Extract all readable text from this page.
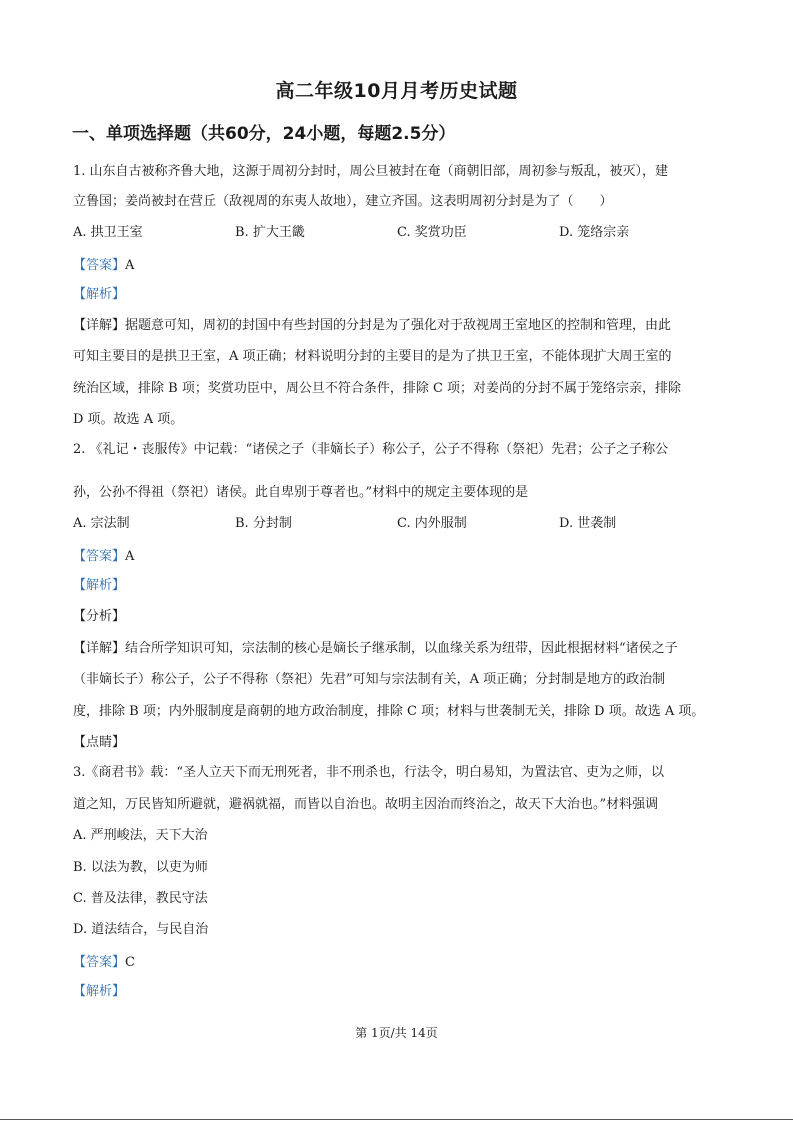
高二年级10月月考历史试题
一、单项选择题（共60分，24小题，每题2.5分）
1. 山东自古被称齐鲁大地，这源于周初分封时，周公旦被封在奄（商朝旧部，周初参与叛乱，被灭），建
立鲁国；姜尚被封在营丘（敌视周的东夷人故地），建立齐国。这表明周初分封是为了（　　）
A. 拱卫王室	B. 扩大王畿	C. 奖赏功臣	D. 笼络宗亲
【答案】A
【解析】
【详解】据题意可知，周初的封国中有些封国的分封是为了强化对于敌视周王室地区的控制和管理，由此
可知主要目的是拱卫王室，A 项正确；材料说明分封的主要目的是为了拱卫王室，不能体现扩大周王室的
统治区域，排除 B 项；奖赏功臣中，周公旦不符合条件，排除 C 项；对姜尚的分封不属于笼络宗亲，排除
D 项。故选 A 项。
2. 《礼记・丧服传》中记载：“诸侯之子（非嫡长子）称公子，公子不得称（祭祀）先君；公子之子称公
孙，公孙不得祖（祭祀）诸侯。此自卑别于尊者也。”材料中的规定主要体现的是
A. 宗法制	B. 分封制	C. 内外服制	D. 世袭制
【答案】A
【解析】
【分析】
【详解】结合所学知识可知，宗法制的核心是嫡长子继承制，以血缘关系为纽带，因此根据材料“诸侯之子
（非嫡长子）称公子，公子不得称（祭祀）先君”可知与宗法制有关，A 项正确；分封制是地方的政治制
度，排除 B 项；内外服制度是商朝的地方政治制度，排除 C 项；材料与世袭制无关，排除 D 项。故选 A 项。
【点睛】
3.《商君书》载：“圣人立天下而无刑死者，非不刑杀也，行法令，明白易知，为置法官、吏为之师，以
道之知，万民皆知所避就，避祸就福，而皆以自治也。故明主因治而终治之，故天下大治也。”材料强调
A. 严刑峻法，天下大治
B. 以法为教，以吏为师
C. 普及法律，教民守法
D. 道法结合，与民自治
【答案】C
【解析】
第 1页/共 14页
